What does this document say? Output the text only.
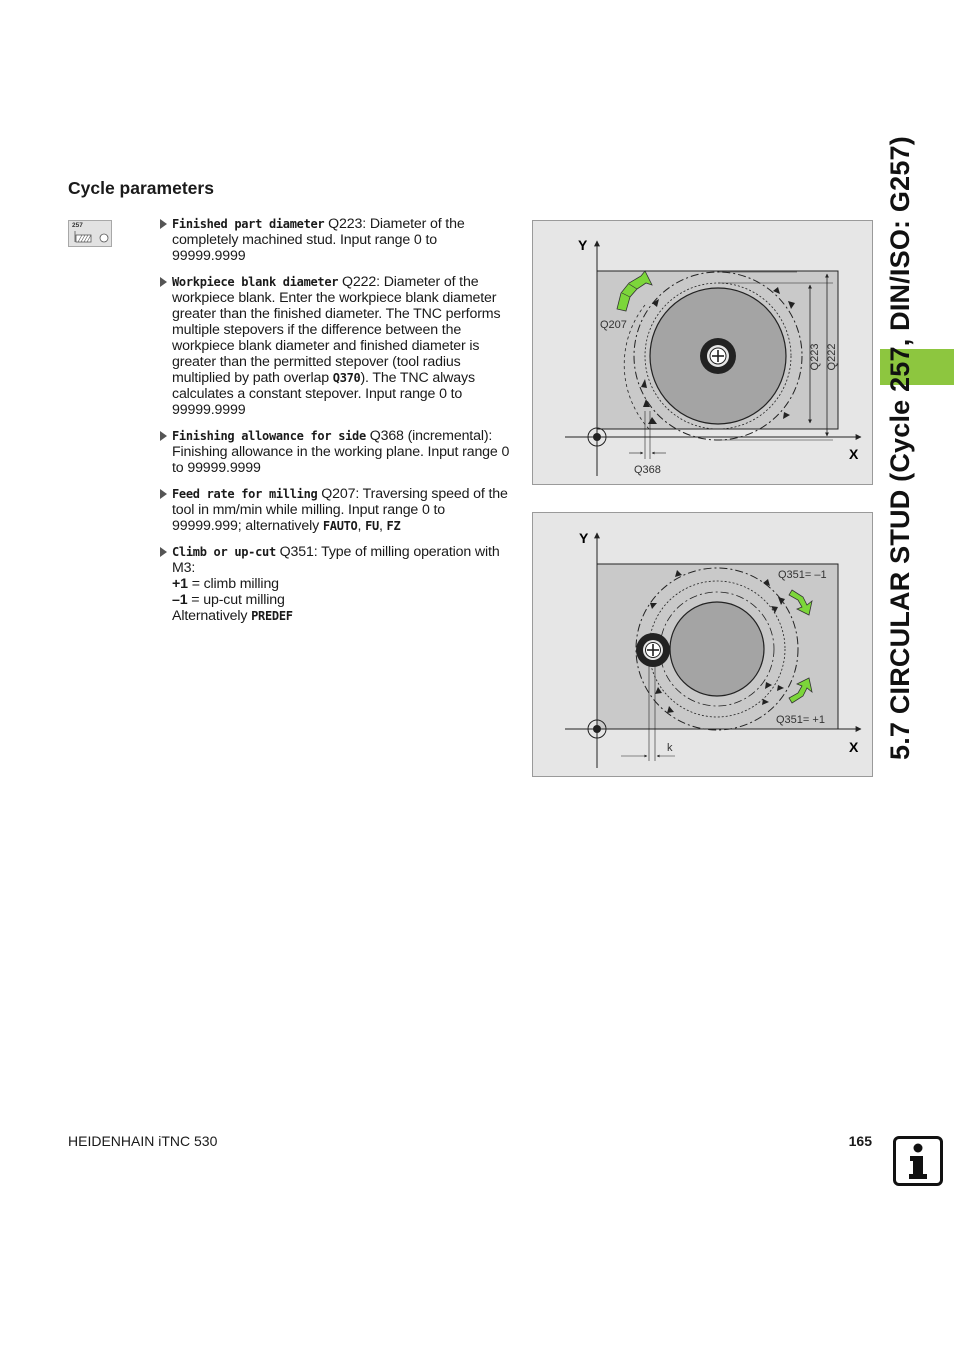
Cycle parameters
257	Finished part diameter Q223: Diameter of the completely machined stud. Input range 0 to 99999.9999
Workpiece blank diameter Q222: Diameter of the workpiece blank. Enter the workpiece blank diameter greater than the finished diameter. The TNC performs multiple stepovers if the difference between the workpiece blank diameter and finished diameter is greater than the permitted stepover (tool radius multiplied by path overlap Q370). The TNC always calculates a constant stepover. Input range 0 to 99999.9999
Finishing allowance for side Q368 (incremental): Finishing allowance in the working plane. Input range 0 to 99999.9999
Feed rate for milling Q207: Traversing speed of the tool in mm/min while milling. Input range 0 to 99999.999; alternatively FAUTO, FU, FZ
Climb or up-cut Q351: Type of milling operation with M3:
+1 = climb milling
–1 = up-cut milling
Alternatively PREDEF
Y
X
Q223 Q222
Q207
Q368
Y
X
Q351= –1
Q351= +1
k	5.7 CIRCULAR STUD (Cycle 257, DIN/ISO: G257)
HEIDENHAIN iTNC 530	165
